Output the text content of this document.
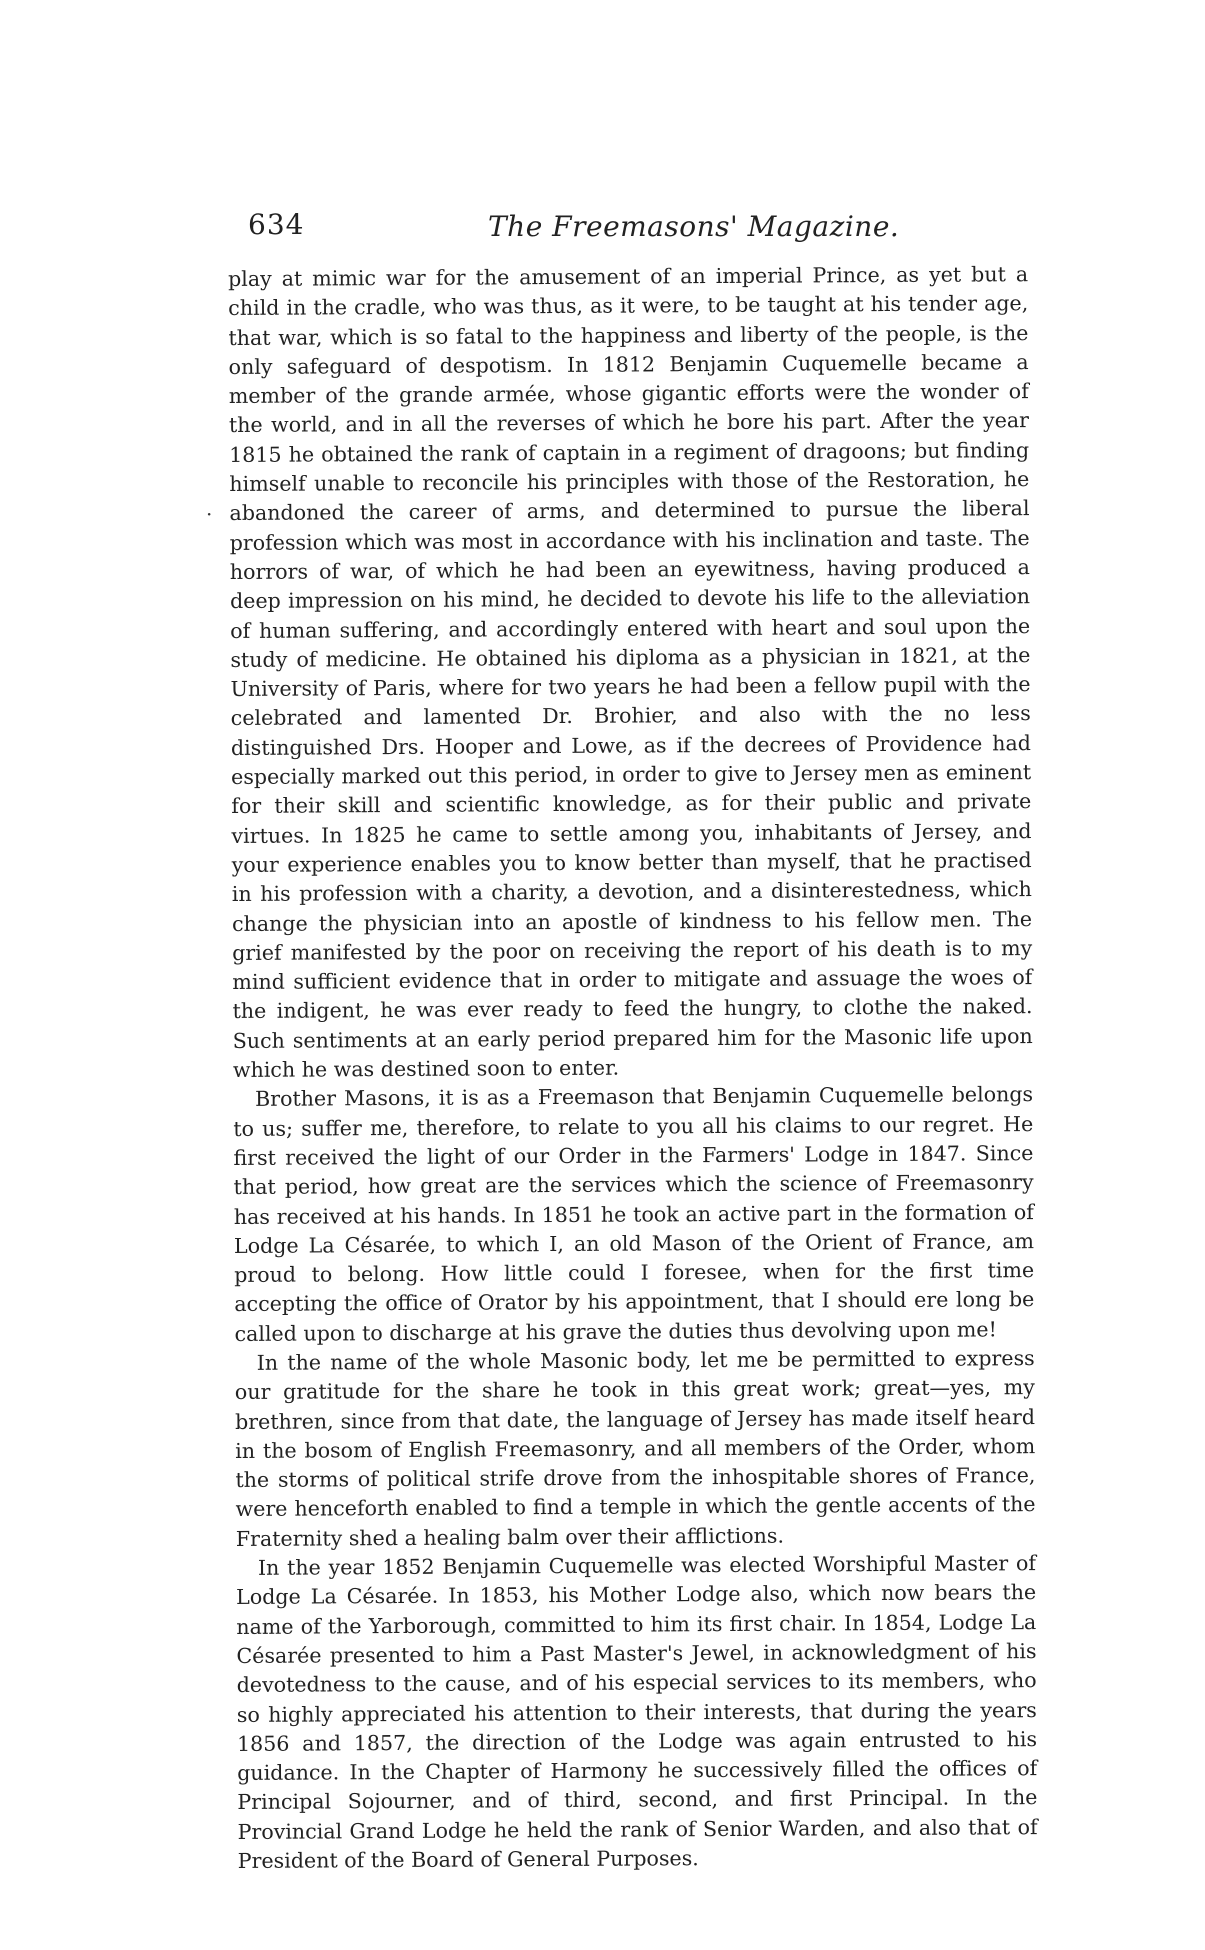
634	The Freemasons' Magazine.
·

play at mimic war for the amusement of an imperial Prince, as yet but a child in the cradle, who was thus, as it were, to be taught at his tender age, that war, which is so fatal to the happiness and liberty of the people, is the only safeguard of despotism. In 1812 Benjamin Cuquemelle became a member of the grande armée, whose gigantic efforts were the wonder of the world, and in all the reverses of which he bore his part. After the year 1815 he obtained the rank of captain in a regiment of dragoons; but finding himself unable to reconcile his principles with those of the Restoration, he abandoned the career of arms, and determined to pursue the liberal profession which was most in accordance with his inclination and taste. The horrors of war, of which he had been an eyewitness, having produced a deep impression on his mind, he decided to devote his life to the alleviation of human suffering, and accordingly entered with heart and soul upon the study of medicine. He obtained his diploma as a physician in 1821, at the University of Paris, where for two years he had been a fellow pupil with the celebrated and lamented Dr. Brohier, and also with the no less distinguished Drs. Hooper and Lowe, as if the decrees of Providence had especially marked out this period, in order to give to Jersey men as eminent for their skill and scientific knowledge, as for their public and private virtues. In 1825 he came to settle among you, inhabitants of Jersey, and your experience enables you to know better than myself, that he practised in his profession with a charity, a devotion, and a disinterestedness, which change the physician into an apostle of kindness to his fellow men. The grief manifested by the poor on receiving the report of his death is to my mind sufficient evidence that in order to mitigate and assuage the woes of the indigent, he was ever ready to feed the hungry, to clothe the naked. Such sentiments at an early period prepared him for the Masonic life upon which he was destined soon to enter.

Brother Masons, it is as a Freemason that Benjamin Cuquemelle belongs to us; suffer me, therefore, to relate to you all his claims to our regret. He first received the light of our Order in the Farmers' Lodge in 1847. Since that period, how great are the services which the science of Freemasonry has received at his hands. In 1851 he took an active part in the formation of Lodge La Césarée, to which I, an old Mason of the Orient of France, am proud to belong. How little could I foresee, when for the first time accepting the office of Orator by his appointment, that I should ere long be called upon to discharge at his grave the duties thus devolving upon me!

In the name of the whole Masonic body, let me be permitted to express our gratitude for the share he took in this great work; great—yes, my brethren, since from that date, the language of Jersey has made itself heard in the bosom of English Freemasonry, and all members of the Order, whom the storms of political strife drove from the inhospitable shores of France, were henceforth enabled to find a temple in which the gentle accents of the Fraternity shed a healing balm over their afflictions.

In the year 1852 Benjamin Cuquemelle was elected Worshipful Master of Lodge La Césarée. In 1853, his Mother Lodge also, which now bears the name of the Yarborough, committed to him its first chair. In 1854, Lodge La Césarée presented to him a Past Master's Jewel, in acknowledgment of his devotedness to the cause, and of his especial services to its members, who so highly appreciated his attention to their interests, that during the years 1856 and 1857, the direction of the Lodge was again entrusted to his guidance. In the Chapter of Harmony he successively filled the offices of Principal Sojourner, and of third, second, and first Principal. In the Provincial Grand Lodge he held the rank of Senior Warden, and also that of President of the Board of General Purposes.
